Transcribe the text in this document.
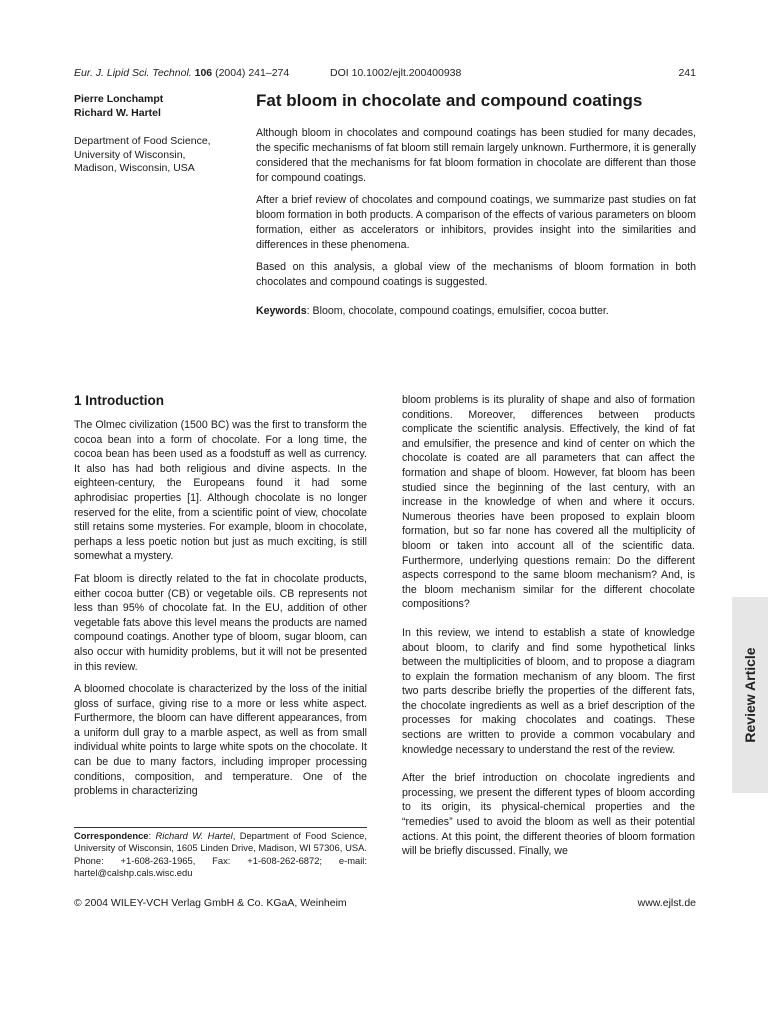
Eur. J. Lipid Sci. Technol. 106 (2004) 241–274	DOI 10.1002/ejlt.200400938	241
Pierre Lonchampt
Richard W. Hartel
Department of Food Science,
University of Wisconsin,
Madison, Wisconsin, USA
Fat bloom in chocolate and compound coatings

Although bloom in chocolates and compound coatings has been studied for many decades, the specific mechanisms of fat bloom still remain largely unknown. Furthermore, it is generally considered that the mechanisms for fat bloom formation in chocolate are different than those for compound coatings.

After a brief review of chocolates and compound coatings, we summarize past studies on fat bloom formation in both products. A comparison of the effects of various parameters on bloom formation, either as accelerators or inhibitors, provides insight into the similarities and differences in these phenomena.

Based on this analysis, a global view of the mechanisms of bloom formation in both chocolates and compound coatings is suggested.

Keywords: Bloom, chocolate, compound coatings, emulsifier, cocoa butter.

1 Introduction

The Olmec civilization (1500 BC) was the first to transform the cocoa bean into a form of chocolate. For a long time, the cocoa bean has been used as a foodstuff as well as currency. It also has had both religious and divine aspects. In the eighteen-century, the Europeans found it had some aphrodisiac properties [1]. Although chocolate is no longer reserved for the elite, from a scientific point of view, chocolate still retains some mysteries. For example, bloom in chocolate, perhaps a less poetic notion but just as much exciting, is still somewhat a mystery.

Fat bloom is directly related to the fat in chocolate products, either cocoa butter (CB) or vegetable oils. CB represents not less than 95% of chocolate fat. In the EU, addition of other vegetable fats above this level means the products are named compound coatings. Another type of bloom, sugar bloom, can also occur with humidity problems, but it will not be presented in this review.

A bloomed chocolate is characterized by the loss of the initial gloss of surface, giving rise to a more or less white aspect. Furthermore, the bloom can have different appearances, from a uniform dull gray to a marble aspect, as well as from small individual white points to large white spots on the chocolate. It can be due to many factors, including improper processing conditions, composition, and temperature. One of the problems in characterizing

bloom problems is its plurality of shape and also of formation conditions. Moreover, differences between products complicate the scientific analysis. Effectively, the kind of fat and emulsifier, the presence and kind of center on which the chocolate is coated are all parameters that can affect the formation and shape of bloom. However, fat bloom has been studied since the beginning of the last century, with an increase in the knowledge of when and where it occurs. Numerous theories have been proposed to explain bloom formation, but so far none has covered all the multiplicity of bloom or taken into account all of the scientific data. Furthermore, underlying questions remain: Do the different aspects correspond to the same bloom mechanism? And, is the bloom mechanism similar for the different chocolate compositions?

In this review, we intend to establish a state of knowledge about bloom, to clarify and find some hypothetical links between the multiplicities of bloom, and to propose a diagram to explain the formation mechanism of any bloom. The first two parts describe briefly the properties of the different fats, the chocolate ingredients as well as a brief description of the processes for making chocolates and coatings. These sections are written to provide a common vocabulary and knowledge necessary to understand the rest of the review.

After the brief introduction on chocolate ingredients and processing, we present the different types of bloom according to its origin, its physical-chemical properties and the “remedies” used to avoid the bloom as well as their potential actions. At this point, the different theories of bloom formation will be briefly discussed. Finally, we

Correspondence: Richard W. Hartel, Department of Food Science, University of Wisconsin, 1605 Linden Drive, Madison, WI 57306, USA. Phone: +1-608-263-1965, Fax: +1-608-262-6872; e-mail: hartel@calshp.cals.wisc.edu
© 2004 WILEY-VCH Verlag GmbH & Co. KGaA, Weinheim	www.ejlst.de
Review Article
